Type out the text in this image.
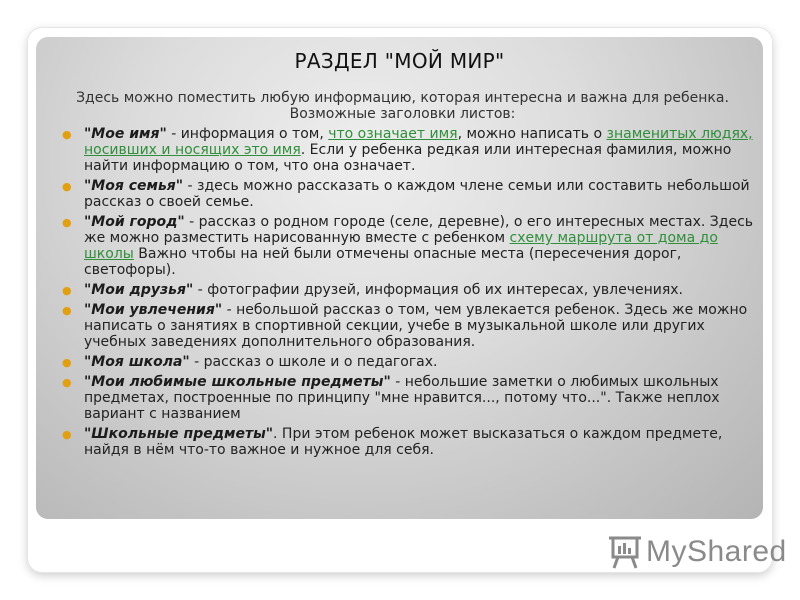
РАЗДЕЛ "МОЙ МИР"
Здесь можно поместить любую информацию, которая интересна и важна для ребенка. Возможные заголовки листов:
● "Мое имя" - информация о том, что означает имя, можно написать о знаменитых людях, носивших и носящих это имя. Если у ребенка редкая или интересная фамилия, можно найти информацию о том, что она означает.
● "Моя семья" - здесь можно рассказать о каждом члене семьи или составить небольшой рассказ о своей семье.
● "Мой город" - рассказ о родном городе (селе, деревне), о его интересных местах. Здесь же можно разместить нарисованную вместе с ребенком схему маршрута от дома до школы Важно чтобы на ней были отмечены опасные места (пересечения дорог, светофоры).
● "Мои друзья" - фотографии друзей, информация об их интересах, увлечениях.
● "Мои увлечения" - небольшой рассказ о том, чем увлекается ребенок. Здесь же можно написать о занятиях в спортивной секции, учебе в музыкальной школе или других учебных заведениях дополнительного образования.
● "Моя школа" - рассказ о школе и о педагогах.
● "Мои любимые школьные предметы" - небольшие заметки о любимых школьных предметах, построенные по принципу "мне нравится..., потому что...". Также неплох вариант с названием
● "Школьные предметы". При этом ребенок может высказаться о каждом предмете, найдя в нём что-то важное и нужное для себя.
MyShared
